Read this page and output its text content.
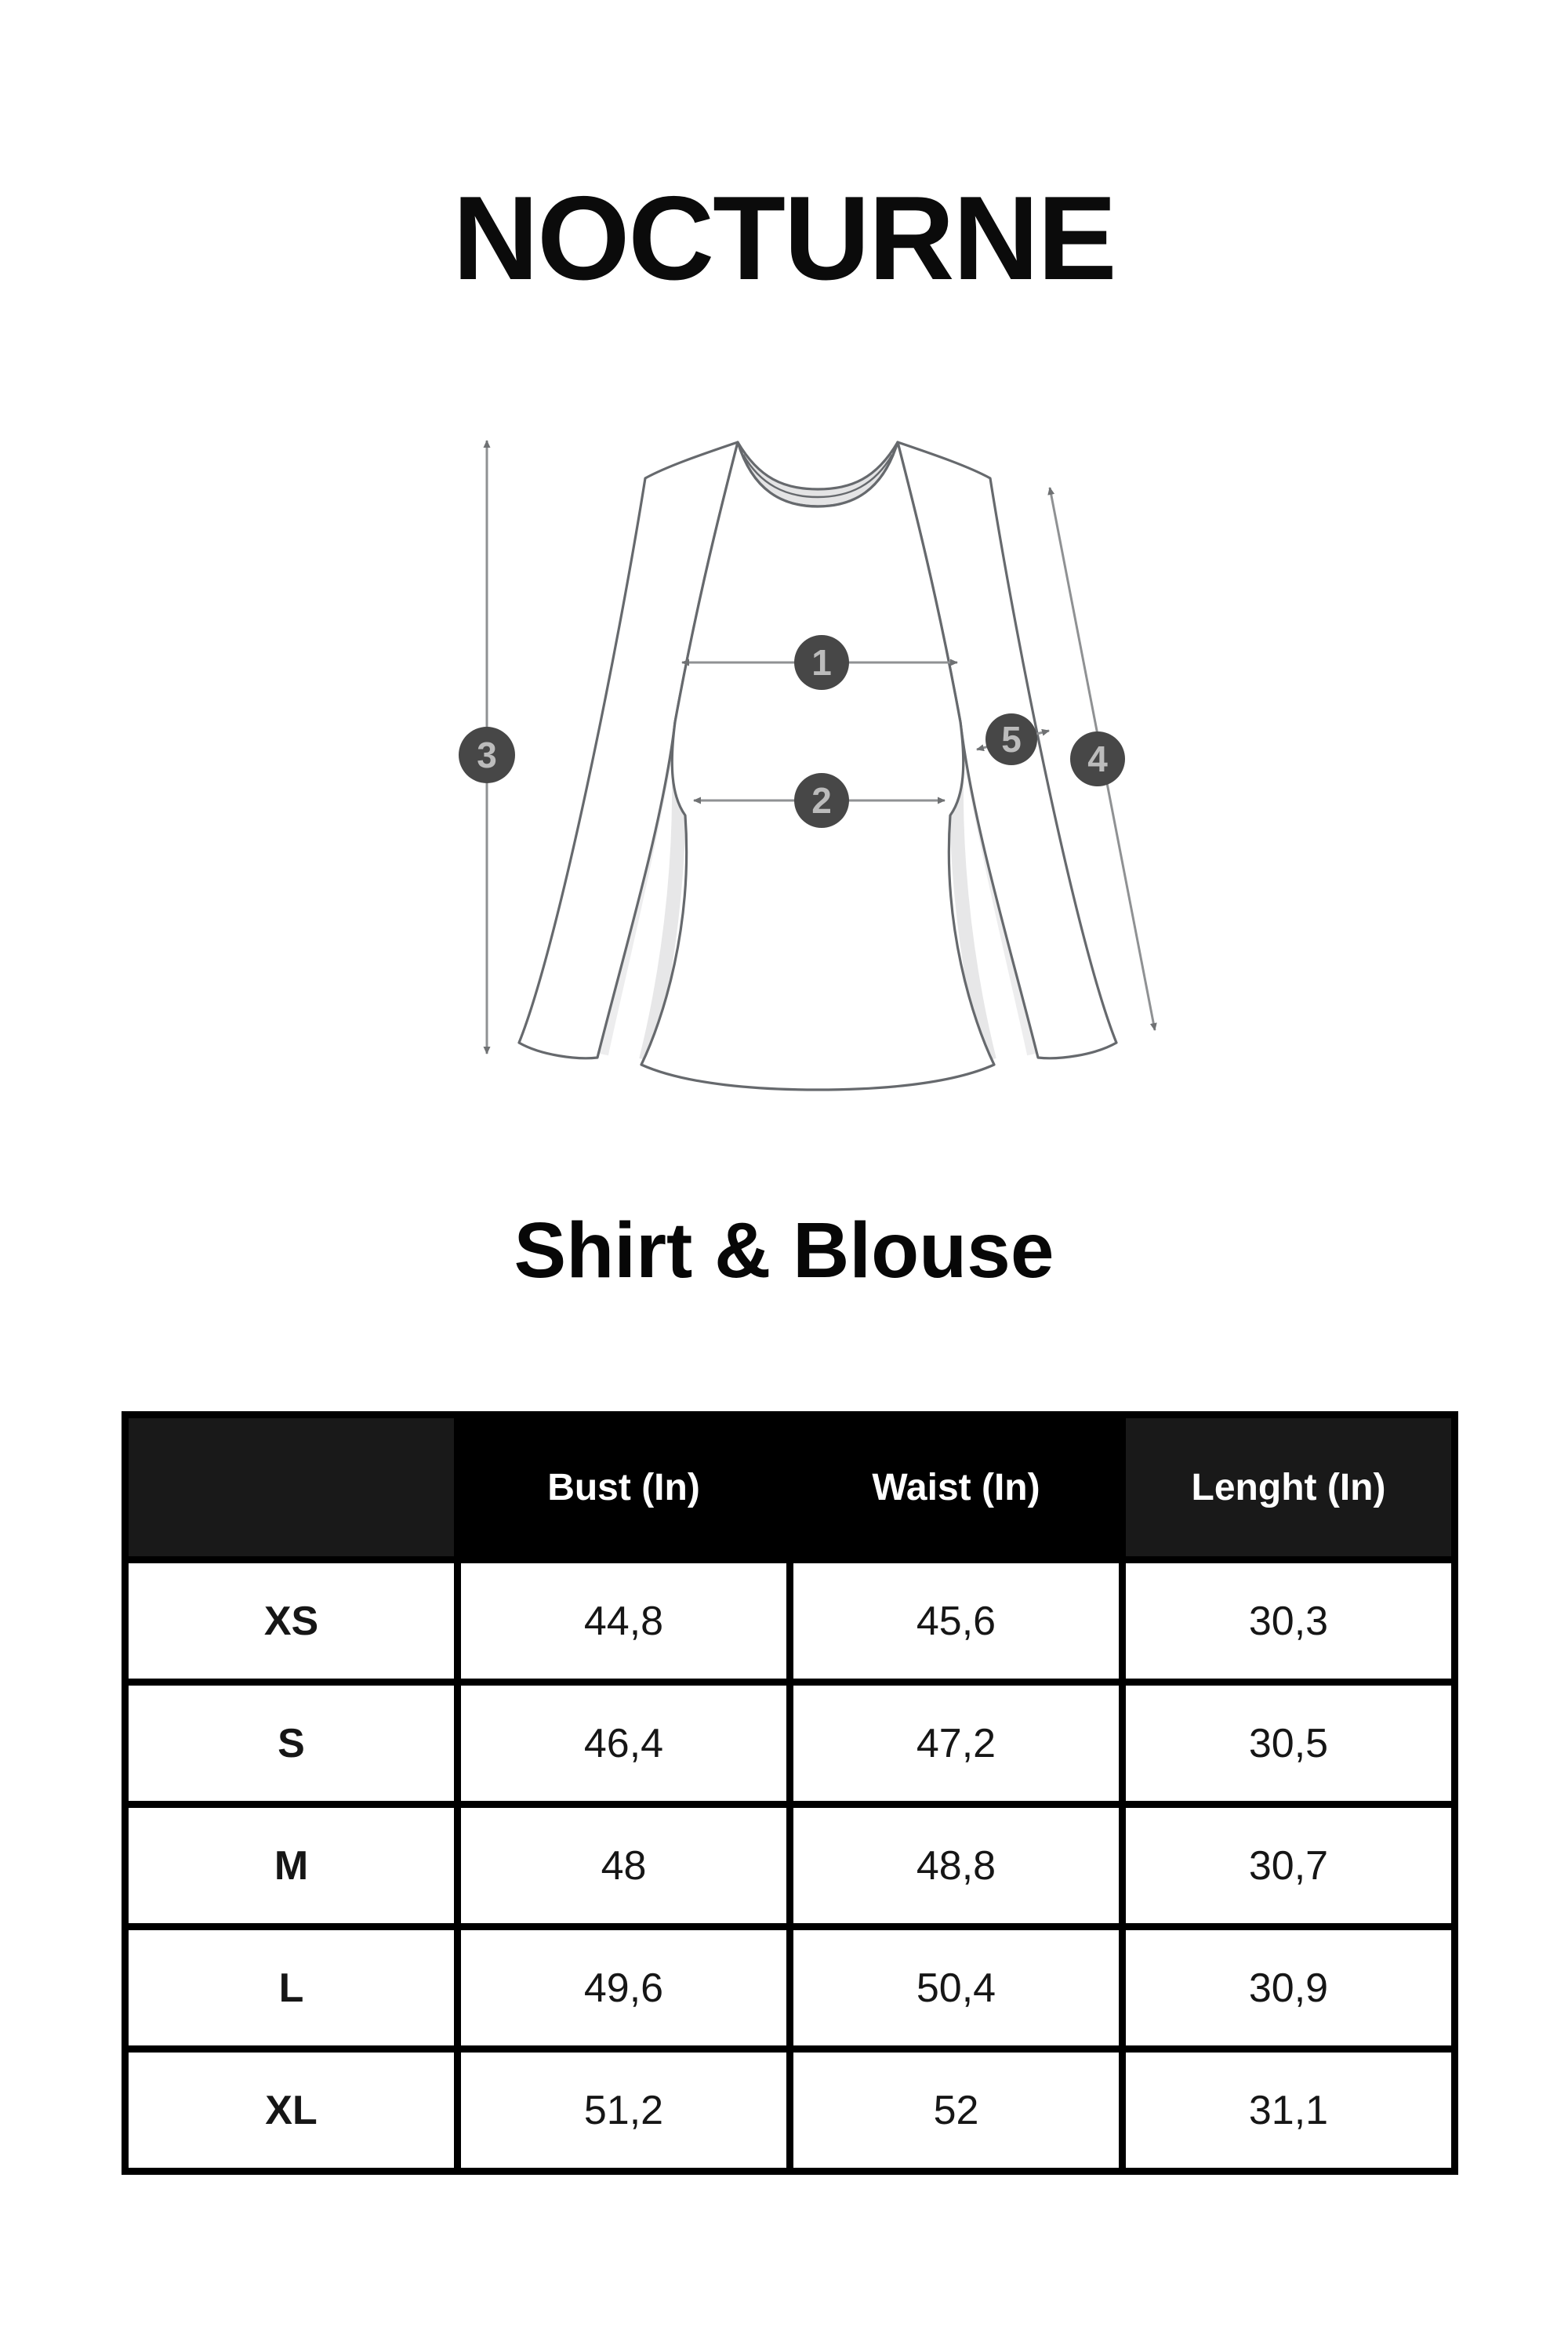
NOCTURNE
1
2
3	4
5
Shirt & Blouse
	Bust (In)	Waist (In)	Lenght (In)
XS	44,8	45,6	30,3
S	46,4	47,2	30,5
M	48	48,8	30,7
L	49,6	50,4	30,9
XL	51,2	52	31,1
